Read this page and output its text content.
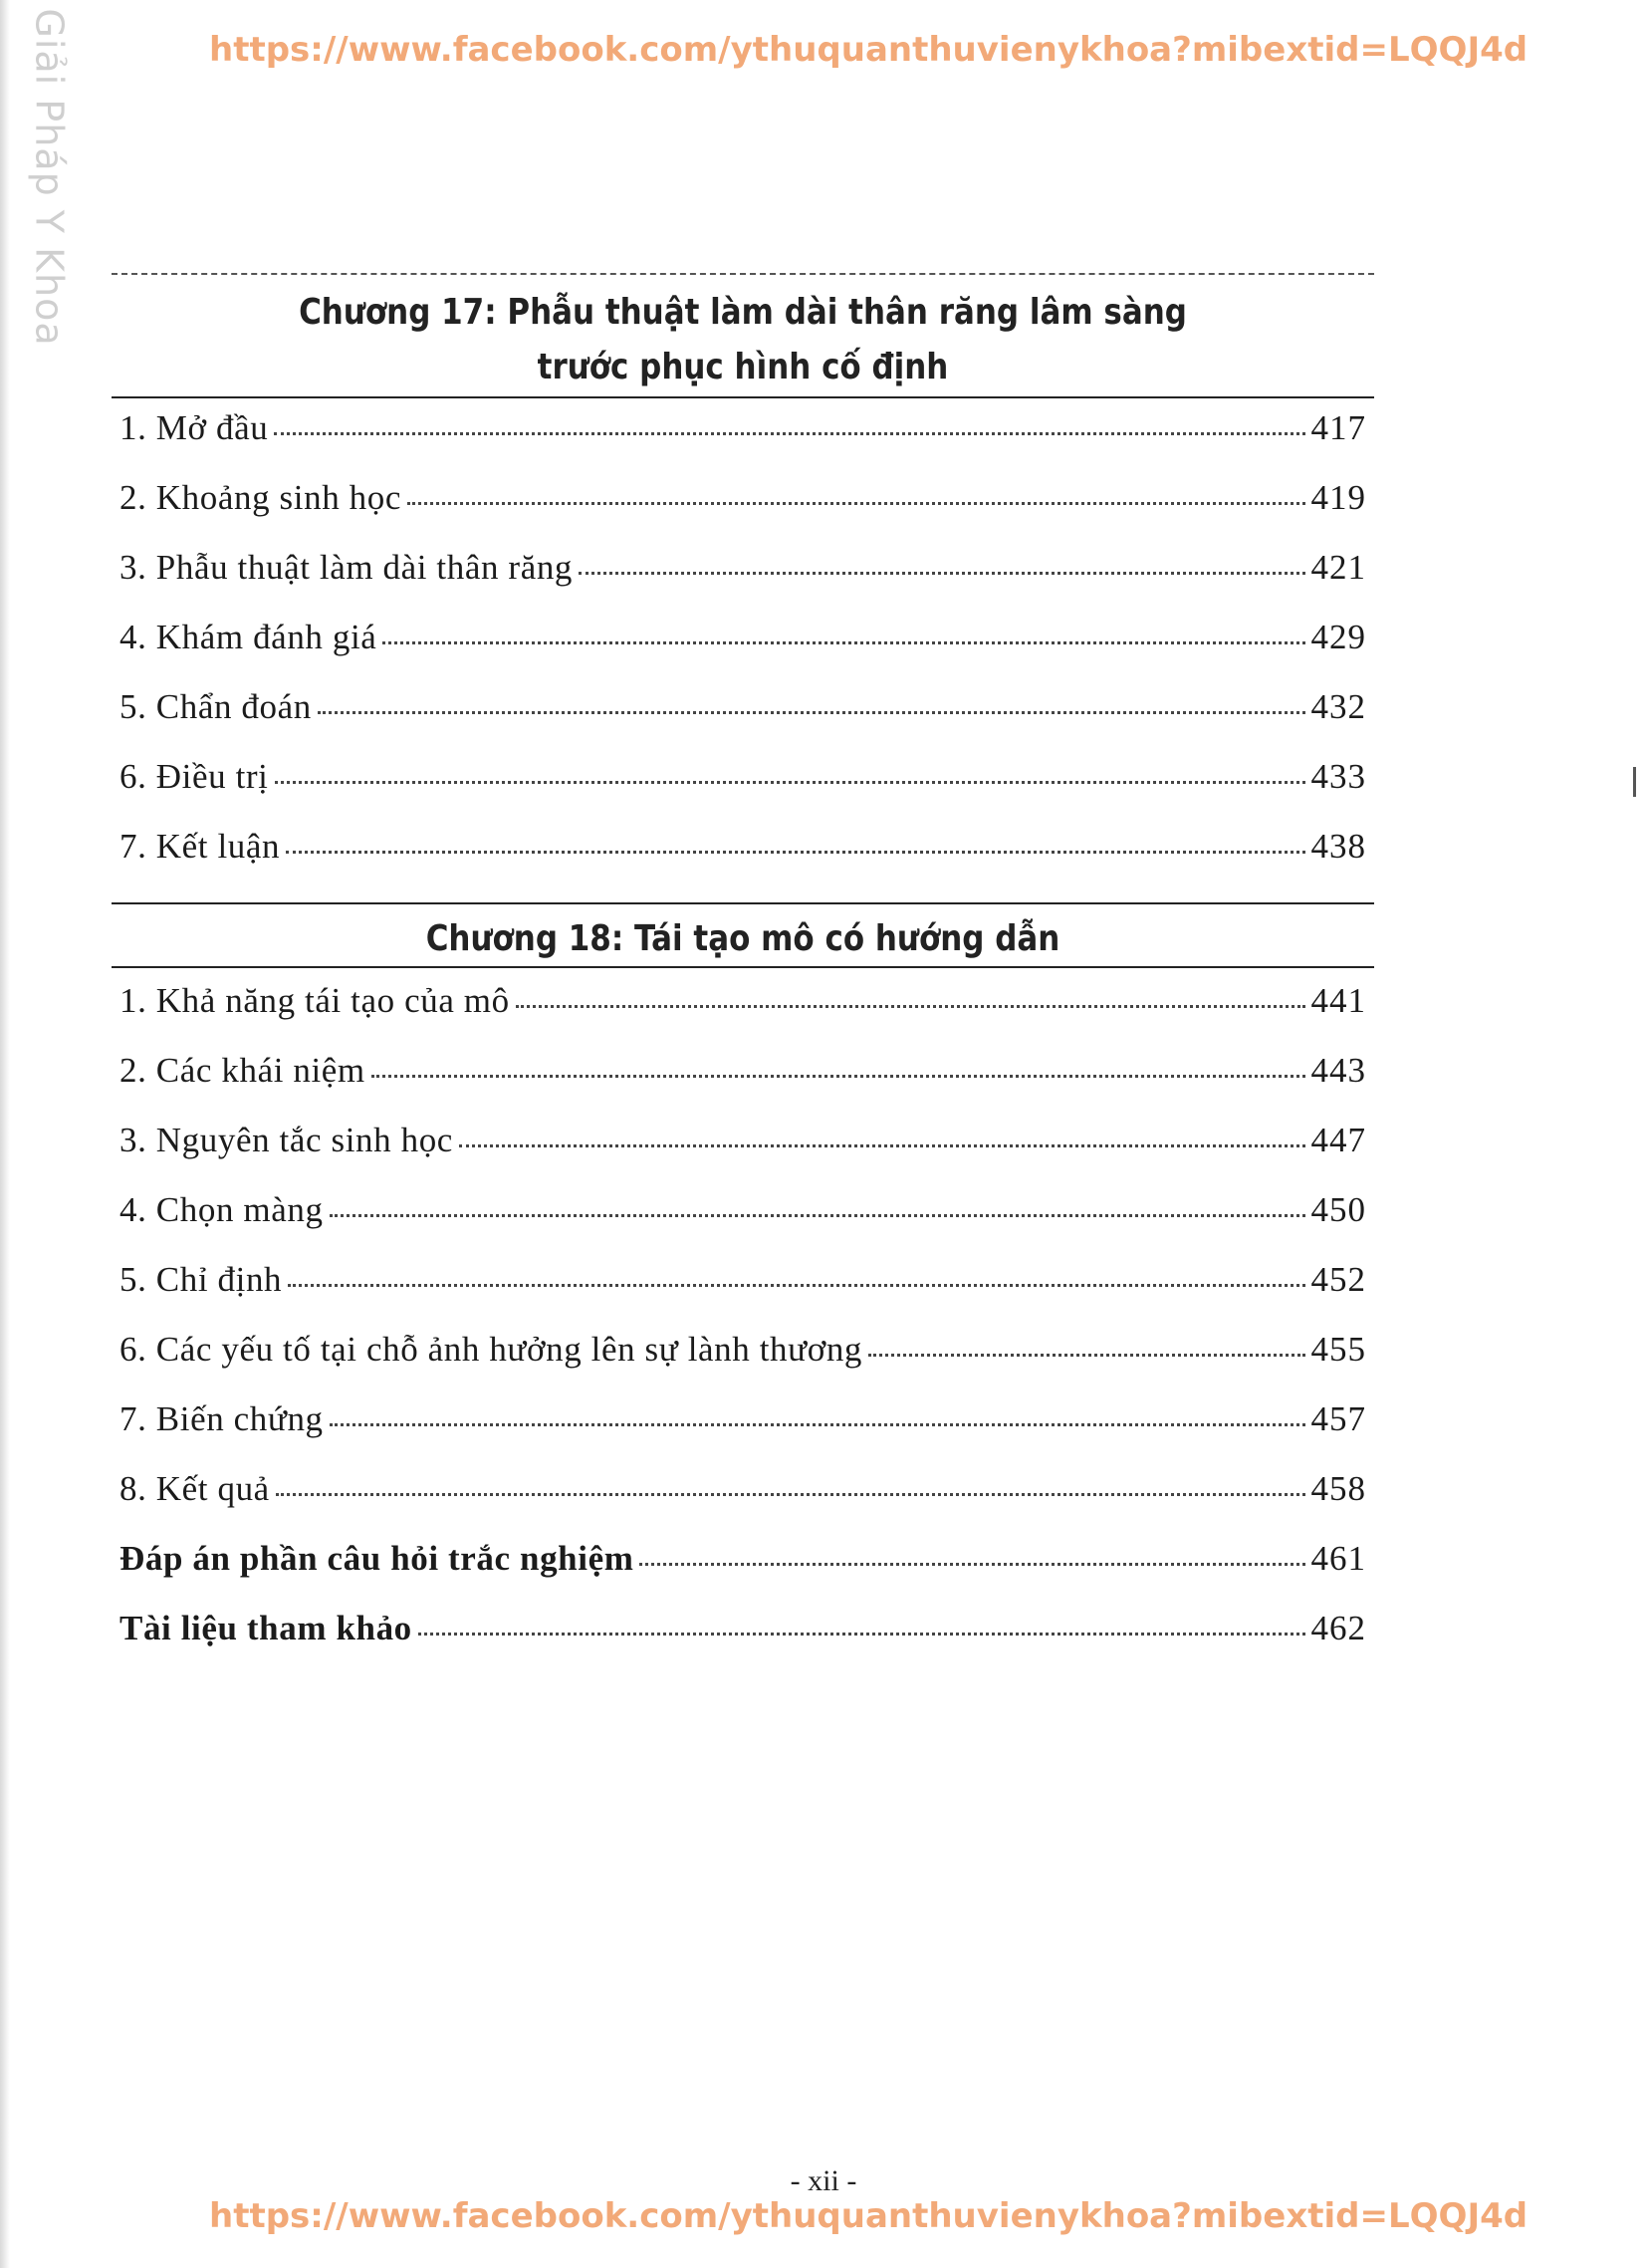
Giải Pháp Y Khoa	https://www.facebook.com/ythuquanthuvienykhoa?mibextid=LQQJ4d
Chương 17: Phẫu thuật làm dài thân răng lâm sàng
trước phục hình cố định
1. Mở đầu	417
2. Khoảng sinh học	419
3. Phẫu thuật làm dài thân răng	421
4. Khám đánh giá	429
5. Chẩn đoán	432
6. Điều trị	433
7. Kết luận	438
Chương 18: Tái tạo mô có hướng dẫn
1. Khả năng tái tạo của mô	441
2. Các khái niệm	443
3. Nguyên tắc sinh học	447
4. Chọn màng	450
5. Chỉ định	452
6. Các yếu tố tại chỗ ảnh hưởng lên sự lành thương	455
7. Biến chứng	457
8. Kết quả	458
Đáp án phần câu hỏi trắc nghiệm	461
Tài liệu tham khảo	462
- xii -
https://www.facebook.com/ythuquanthuvienykhoa?mibextid=LQQJ4d
